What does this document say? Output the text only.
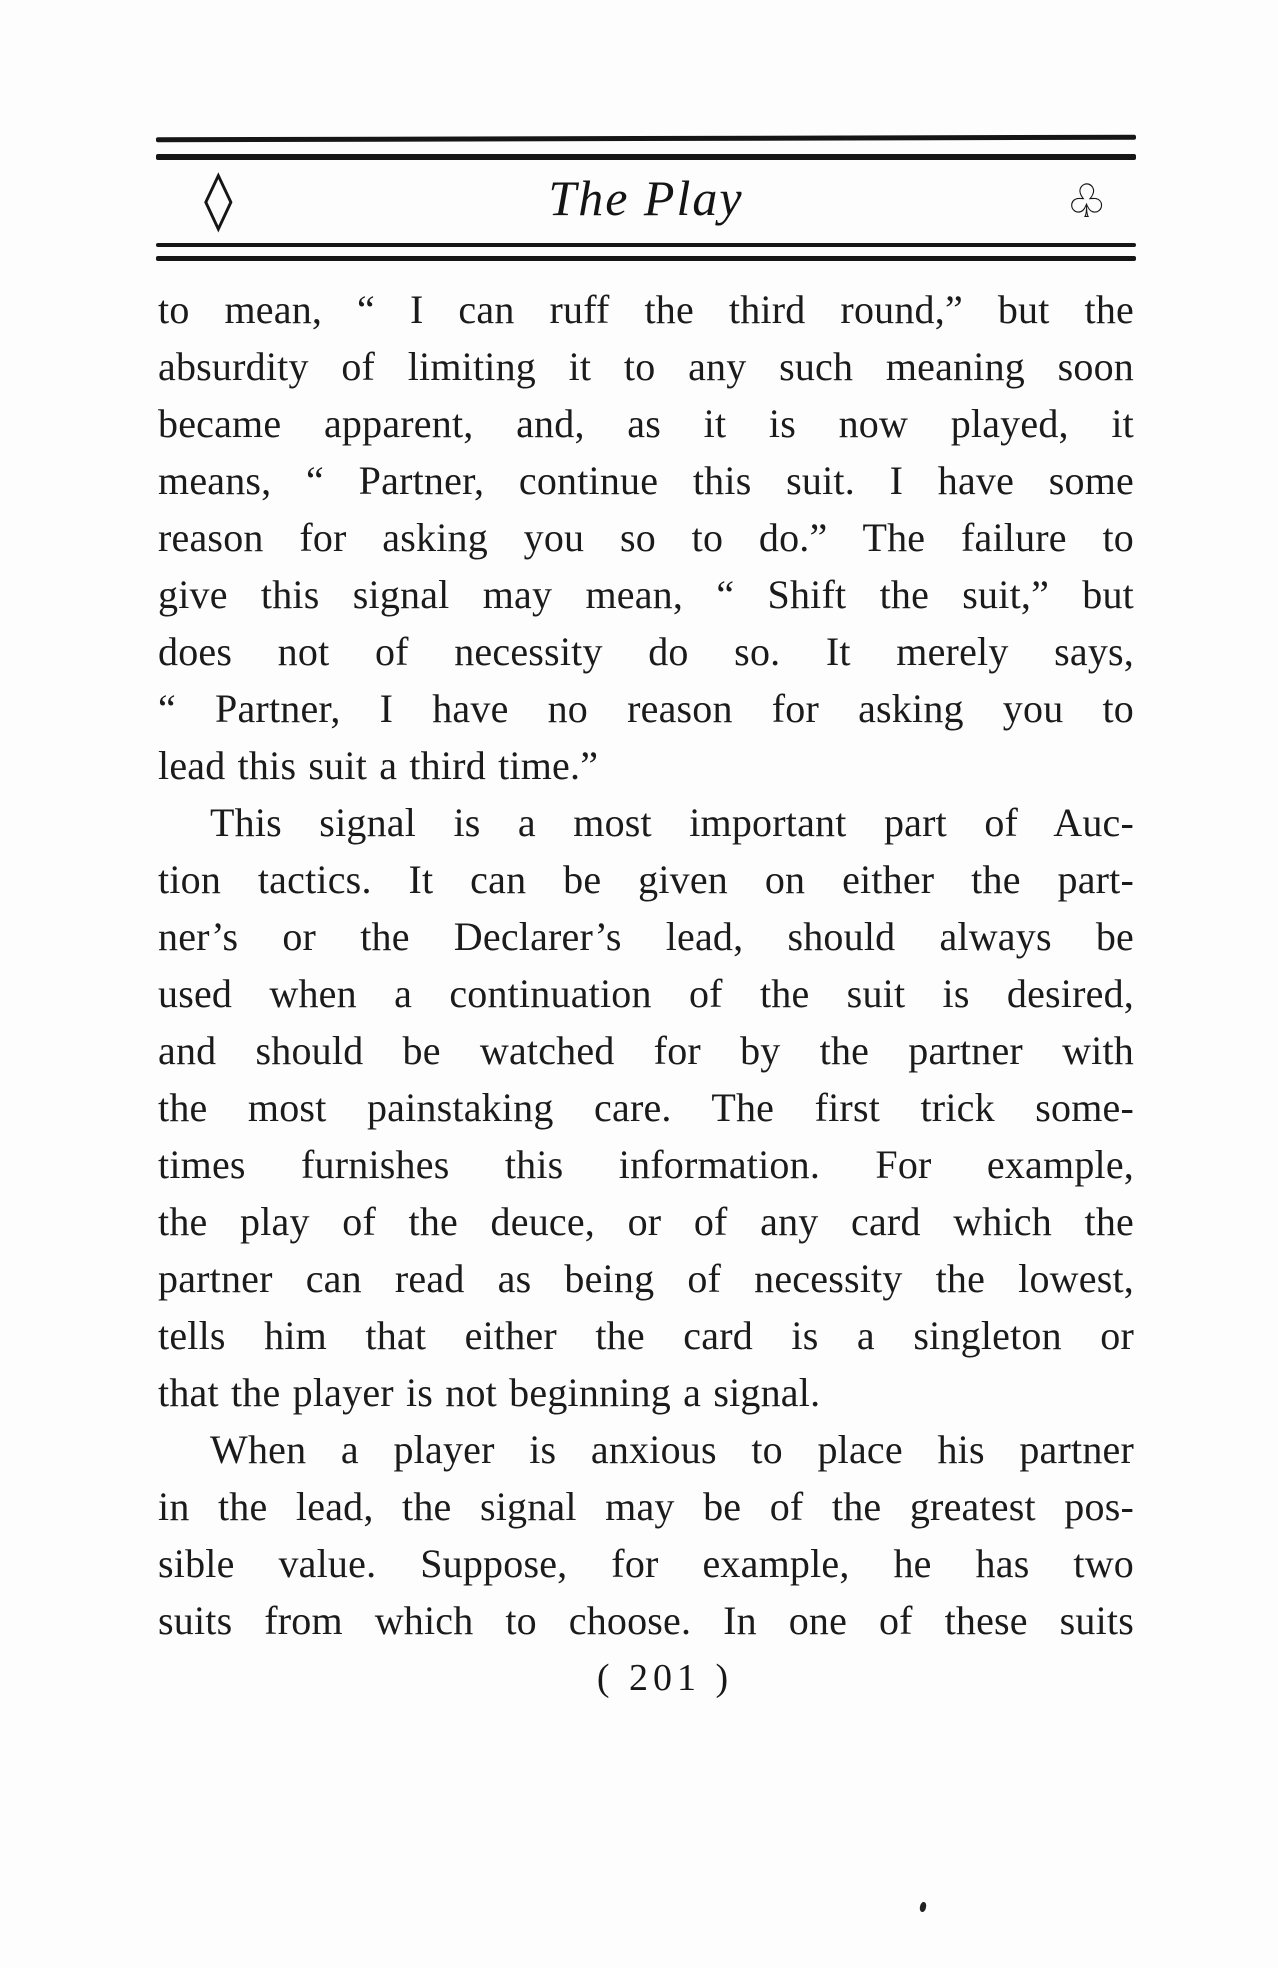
◊	The Play	♧
to mean, “ I can ruff the third round,” but the
absurdity of limiting it to any such meaning soon
became apparent, and, as it is now played, it
means, “ Partner, continue this suit. I have some
reason for asking you so to do.” The failure to
give this signal may mean, “ Shift the suit,” but
does not of necessity do so. It merely says,
“ Partner, I have no reason for asking you to
lead this suit a third time.”
This signal is a most important part of Auc-
tion tactics. It can be given on either the part-
ner’s or the Declarer’s lead, should always be
used when a continuation of the suit is desired,
and should be watched for by the partner with
the most painstaking care. The first trick some-
times furnishes this information. For example,
the play of the deuce, or of any card which the
partner can read as being of necessity the lowest,
tells him that either the card is a singleton or
that the player is not beginning a signal.
When a player is anxious to place his partner
in the lead, the signal may be of the greatest pos-
sible value. Suppose, for example, he has two
suits from which to choose. In one of these suits
( 201 )
